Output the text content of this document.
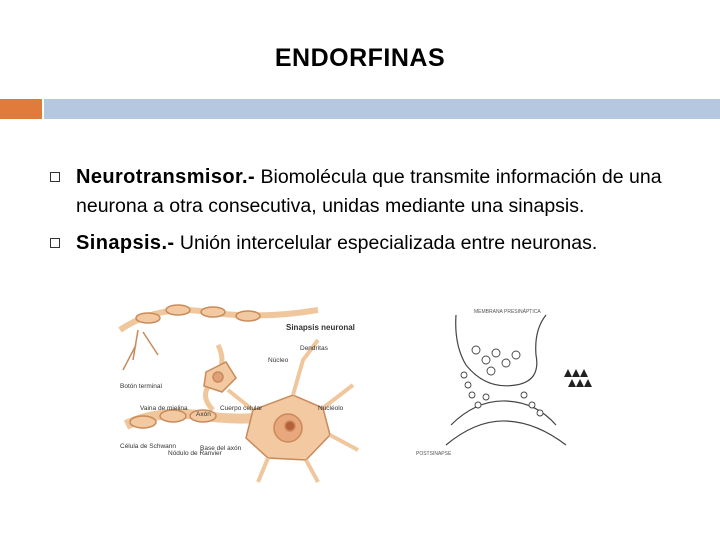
ENDORFINAS
Neurotransmisor.- Biomolécula que transmite información de una neurona a otra consecutiva, unidas mediante una sinapsis.
Sinapsis.- Unión intercelular especializada entre neuronas.
Sinapsis neuronal
Dendritas
Núcleo
Nucléolo
Botón terminal
Vaina de mielina
Axón
Cuerpo celular
Célula de Schwann
Nódulo de Ranvier
Base del axón
MEMBRANA PRESINÁPTICA
POSTSINAPSE
